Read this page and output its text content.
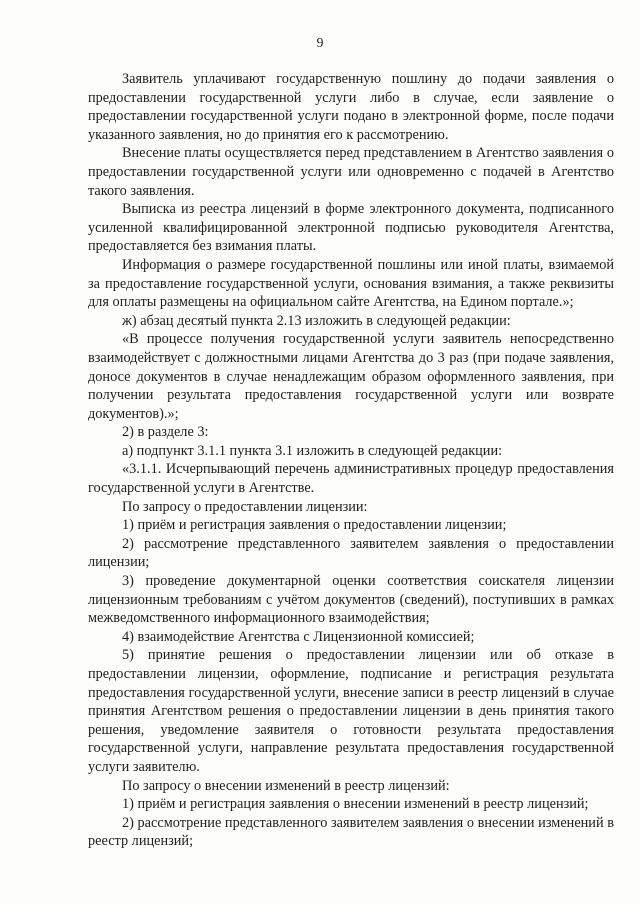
9

Заявитель уплачивают государственную пошлину до подачи заявления о предоставлении государственной услуги либо в случае, если заявление о предоставлении государственной услуги подано в электронной форме, после подачи указанного заявления, но до принятия его к рассмотрению.

Внесение платы осуществляется перед представлением в Агентство заявления о предоставлении государственной услуги или одновременно с подачей в Агентство такого заявления.

Выписка из реестра лицензий в форме электронного документа, подписанного усиленной квалифицированной электронной подписью руководителя Агентства, предоставляется без взимания платы.

Информация о размере государственной пошлины или иной платы, взимаемой за предоставление государственной услуги, основания взимания, а также реквизиты для оплаты размещены на официальном сайте Агентства, на Едином портале.»;

ж) абзац десятый пункта 2.13 изложить в следующей редакции:

«В процессе получения государственной услуги заявитель непосредственно взаимодействует с должностными лицами Агентства до 3 раз (при подаче заявления, доносе документов в случае ненадлежащим образом оформленного заявления, при получении результата предоставления государственной услуги или возврате документов).»;

2) в разделе 3:

а) подпункт 3.1.1 пункта 3.1 изложить в следующей редакции:

«3.1.1. Исчерпывающий перечень административных процедур предоставления государственной услуги в Агентстве.

По запросу о предоставлении лицензии:

1) приём и регистрация заявления о предоставлении лицензии;

2) рассмотрение представленного заявителем заявления о предоставлении лицензии;

3) проведение документарной оценки соответствия соискателя лицензии лицензионным требованиям с учётом документов (сведений), поступивших в рамках межведомственного информационного взаимодействия;

4) взаимодействие Агентства с Лицензионной комиссией;

5) принятие решения о предоставлении лицензии или об отказе в предоставлении лицензии, оформление, подписание и регистрация результата предоставления государственной услуги, внесение записи в реестр лицензий в случае принятия Агентством решения о предоставлении лицензии в день принятия такого решения, уведомление заявителя о готовности результата предоставления государственной услуги, направление результата предоставления государственной услуги заявителю.

По запросу о внесении изменений в реестр лицензий:

1) приём и регистрация заявления о внесении изменений в реестр лицензий;

2) рассмотрение представленного заявителем заявления о внесении изменений в реестр лицензий;
